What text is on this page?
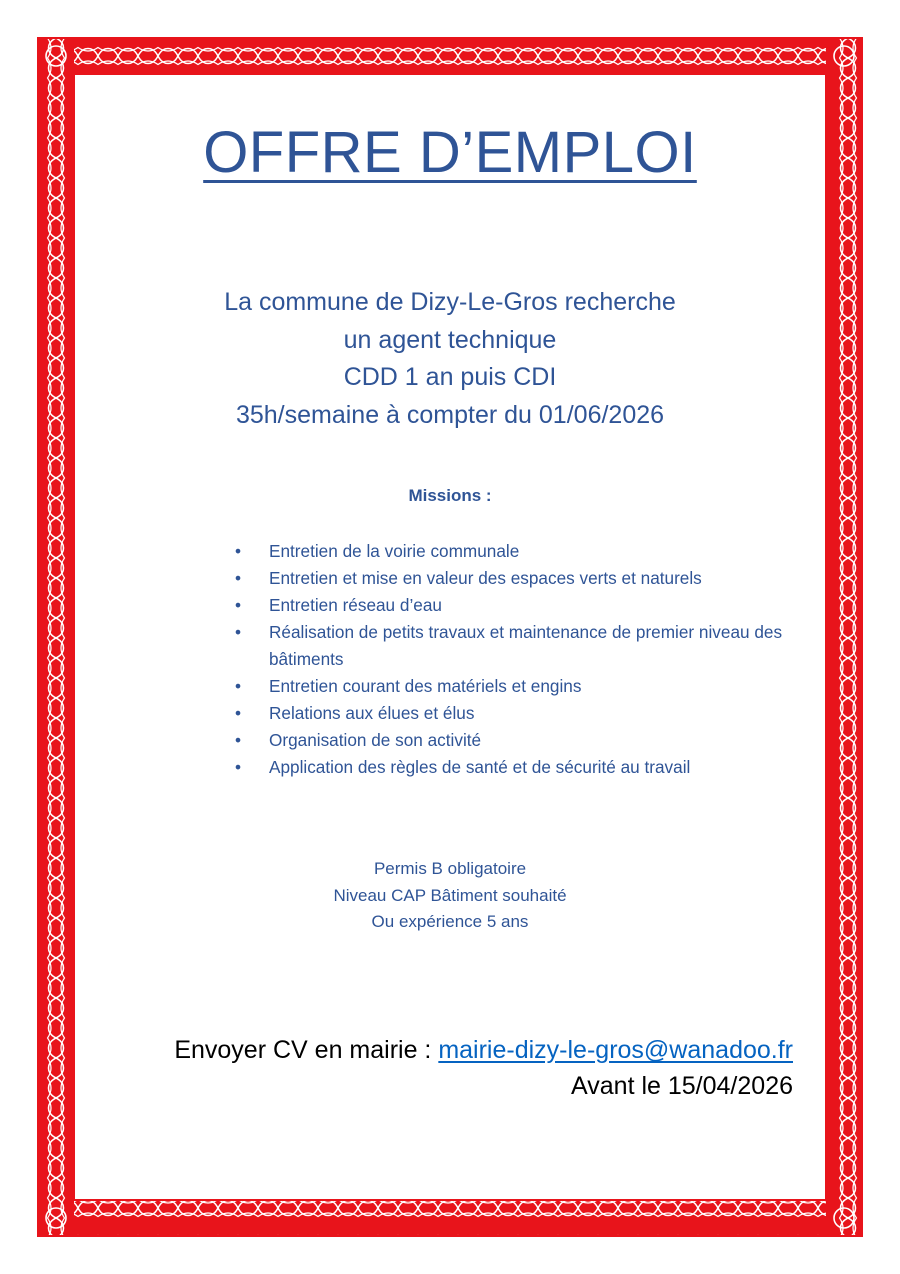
OFFRE D’EMPLOI
La commune de Dizy-Le-Gros recherche
un agent technique
CDD 1 an puis CDI
35h/semaine à compter du 01/06/2026
Missions :
• Entretien de la voirie communale
• Entretien et mise en valeur des espaces verts et naturels
• Entretien réseau d’eau
• Réalisation de petits travaux et maintenance de premier niveau des bâtiments
• Entretien courant des matériels et engins
• Relations aux élues et élus
• Organisation de son activité
• Application des règles de santé et de sécurité au travail
Permis B obligatoire
Niveau CAP Bâtiment souhaité
Ou expérience 5 ans
Envoyer CV en mairie : mairie-dizy-le-gros@wanadoo.fr
Avant le 15/04/2026
